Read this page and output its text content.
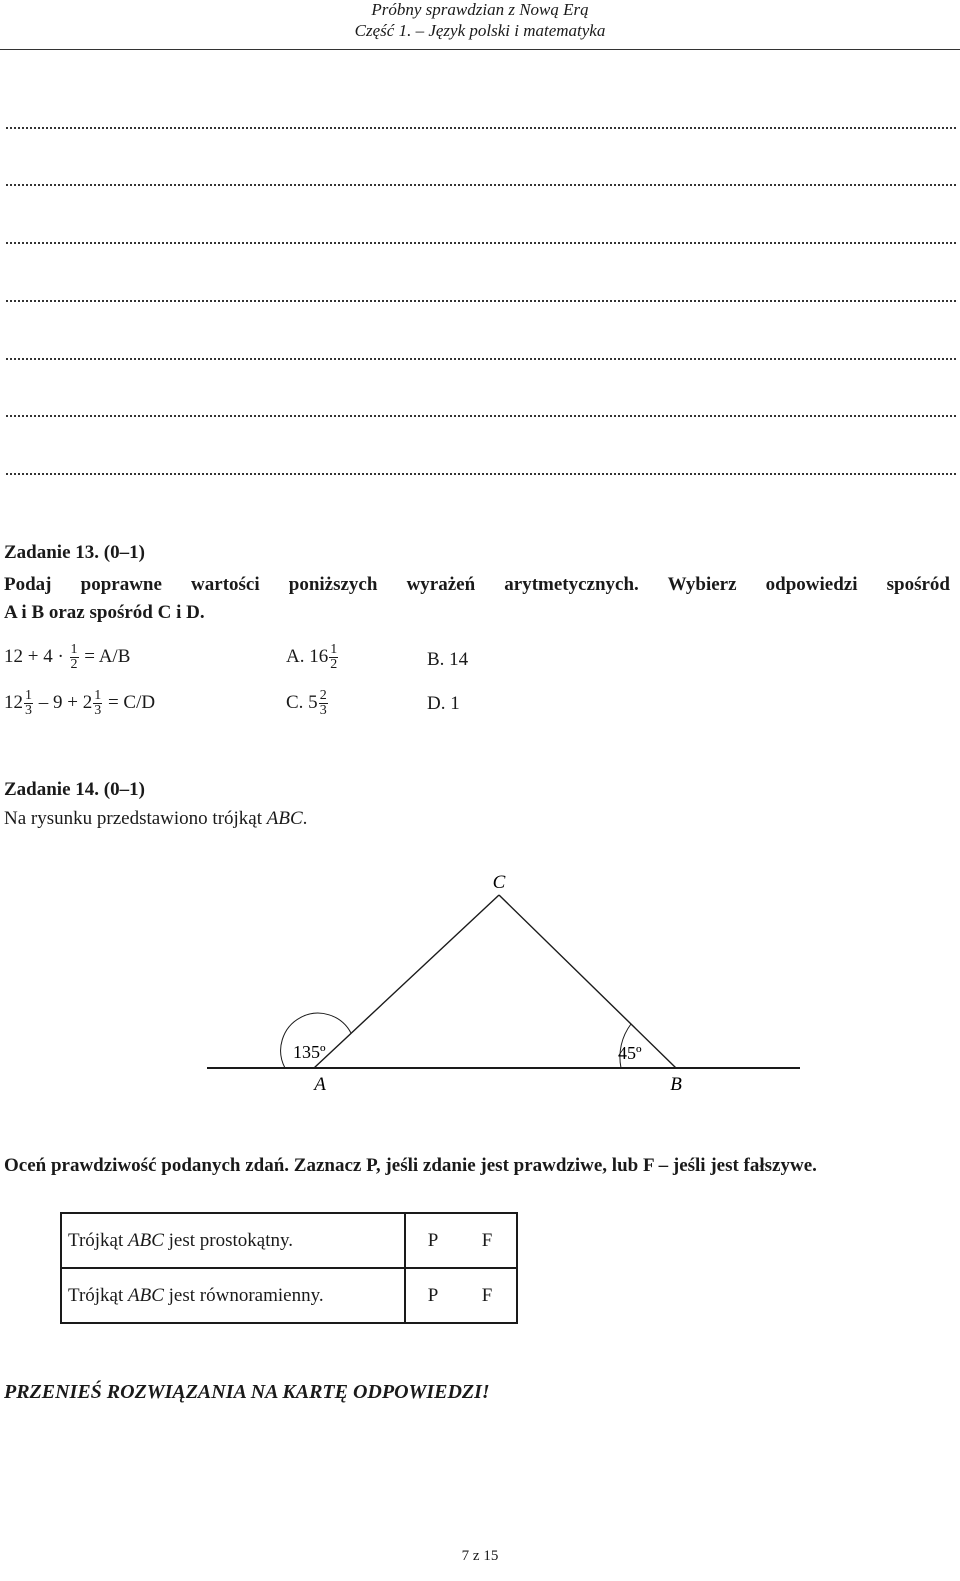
Próbny sprawdzian z Nową Erą
Część 1. – Język polski i matematyka
Zadanie 13. (0–1)
Podaj poprawne wartości poniższych wyrażeń arytmetycznych. Wybierz odpowiedzi spośród
A i B oraz spośród C i D.
$12 + 4 \cdot \frac{1}{2} = A/B$	A. $16 \frac{1}{2}$	B. 14
$12 \frac{1}{3} - 9 + 2 \frac{1}{3} = C/D$	C. $5 \frac{2}{3}$	D. 1
Zadanie 14. (0–1)
Na rysunku przedstawiono trójkąt ABC.
C
A	B
135º	45º
Oceń prawdziwość podanych zdań. Zaznacz P, jeśli zdanie jest prawdziwe, lub F – jeśli jest fałszywe.
Trójkąt ABC jest prostokątny.	P F
Trójkąt ABC jest równoramienny.	P F
PRZENIEŚ ROZWIĄZANIA NA KARTĘ ODPOWIEDZI!
7 z 15
